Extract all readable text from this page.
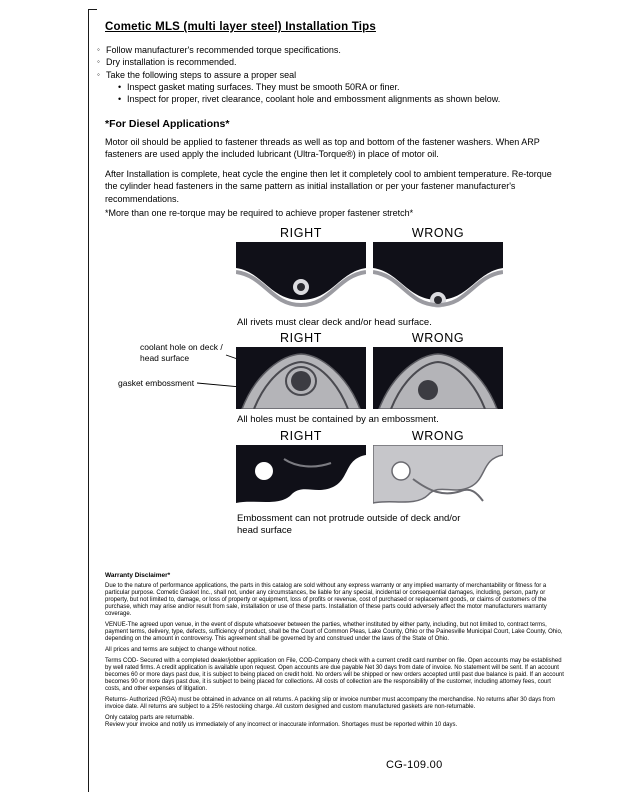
Cometic MLS (multi layer steel) Installation Tips
◦ Follow manufacturer's recommended torque specifications.
◦ Dry installation is recommended.
◦ Take the following steps to assure a proper seal
• Inspect gasket mating surfaces. They must be smooth 50RA or finer.
• Inspect for proper, rivet clearance, coolant hole and embossment alignments as shown below.
*For Diesel Applications*
Motor oil should be applied to fastener threads as well as top and bottom of the fastener washers. When ARP fasteners are used apply the included lubricant (Ultra-Torque®) in place of motor oil.
After Installation is complete, heat cycle the engine then let it completely cool to ambient temperature. Re-torque the cylinder head fasteners in the same pattern as initial installation or per your fastener manufacturer's recommendations.
*More than one re-torque may be required to achieve proper fastener stretch*
RIGHT	WRONG
All rivets must clear deck and/or head surface.
coolant hole on deck / head surface
gasket embossment
RIGHT	WRONG
All holes must be contained by an embossment.
RIGHT	WRONG
Embossment can not protrude outside of deck and/or head surface
Warranty Disclaimer*

Due to the nature of performance applications, the parts in this catalog are sold without any express warranty or any implied warranty of merchantability or fitness for a particular purpose. Cometic Gasket Inc., shall not, under any circumstances, be liable for any special, incidental or consequential damages, including, person, party or property, but not limited to, damage, or loss of property or equipment, loss of profits or revenue, cost of purchased or replacement goods, or claims of customers of the purchase, which may arise and/or result from sale, installation or use of these parts. Installation of these parts could adversely affect the motor manufacturers warranty coverage.

VENUE-The agreed upon venue, in the event of dispute whatsoever between the parties, whether instituted by either party, including, but not limited to, contract terms, payment terms, delivery, type, defects, sufficiency of product, shall be the Court of Common Pleas, Lake County, Ohio or the Painesville Municipal Court, Lake County, Ohio, depending on the amount in controversy. This agreement shall be governed by and construed under the laws of the State of Ohio.

All prices and terms are subject to change without notice.

Terms COD- Secured with a completed dealer/jobber application on File, COD-Company check with a current credit card number on file. Open accounts may be established by well rated firms. A credit application is available upon request. Open accounts are due payable Net 30 days from date of invoice. No statement will be sent. If an account becomes 60 or more days past due, it is subject to being placed on credit hold. No orders will be shipped or new orders accepted until past due balance is paid. If an account becomes 90 or more days past due, it is subject to being placed for collections. All costs of collection are the responsibility of the customer, including attorney fees, court costs, and other expenses of litigation.

Returns- Authorized (RGA) must be obtained in advance on all returns. A packing slip or invoice number must accompany the merchandise. No returns after 30 days from invoice date. All returns are subject to a 25% restocking charge. All custom designed and custom manufactured gaskets are non-returnable.

Only catalog parts are returnable.

Review your invoice and notify us immediately of any incorrect or inaccurate information. Shortages must be reported within 10 days.

CG-109.00
